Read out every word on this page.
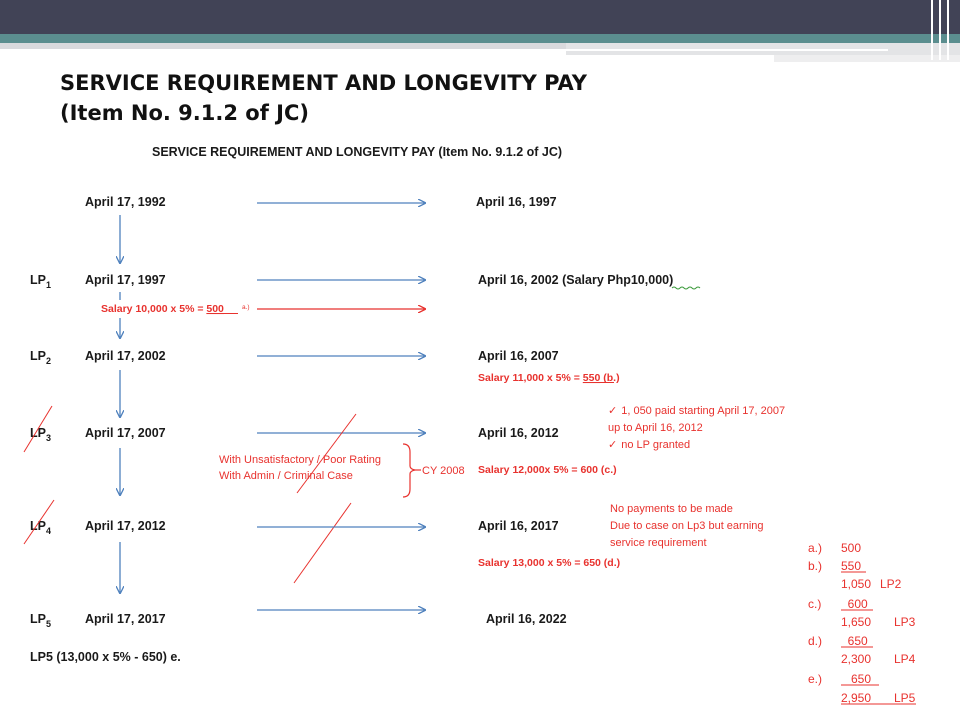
SERVICE REQUIREMENT AND LONGEVITY PAY
(Item No. 9.1.2 of JC)
SERVICE REQUIREMENT AND LONGEVITY PAY (Item No. 9.1.2 of JC)
April 17, 1992	April 16, 1997
$LP_1$	April 17, 1997	April 16, 2002 (Salary Php10,000)
Salary 10,000 x 5% = 500	a.)
$LP_2$	April 17, 2002	April 16, 2007
Salary 11,000 x 5% = 550 (b.)
$LP_3$	April 17, 2007	April 16, 2012
Salary 12,000x 5% = 600 (c.)
With Unsatisfactory / Poor Rating
With Admin / Criminal Case	CY 2008
✓ 1, 050 paid starting April 17, 2007
up to April 16, 2012
✓ no LP granted
$LP_4$	April 17, 2012	April 16, 2017
Salary 13,000 x 5% = 650 (d.)
No payments to be made
Due to case on Lp3 but earning
service requirement
$LP_5$	April 17, 2017	April 16, 2022
LP5 (13,000 x 5% - 650) e.
a.) 500
b.) 550
1,050 LP2
c.) 600
1,650 LP3
d.) 650
2,300 LP4
e.) 650
2,950 LP5
